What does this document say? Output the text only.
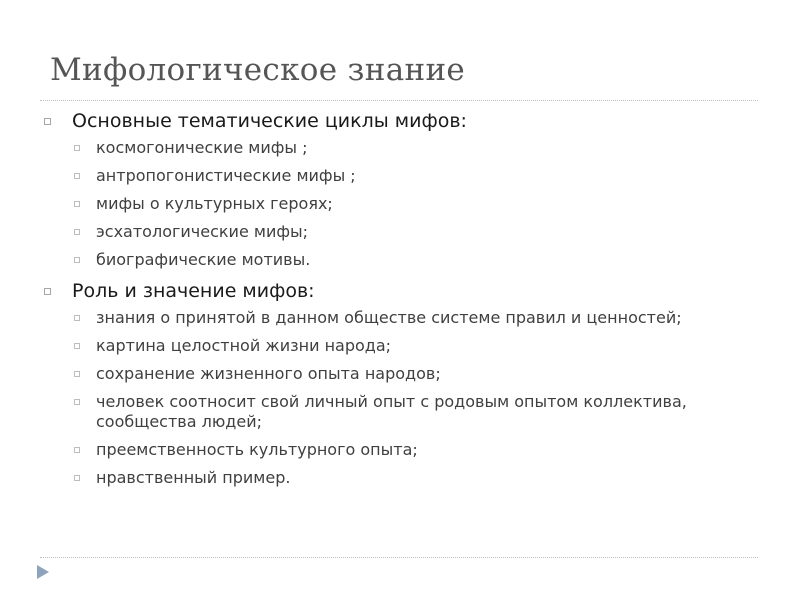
Мифологическое знание
Основные тематические циклы мифов:
космогонические мифы ;
антропогонистические мифы ;
мифы о культурных героях;
эсхатологические мифы;
биографические мотивы.
Роль и значение мифов:
знания о принятой в данном обществе системе правил и ценностей;
картина целостной жизни народа;
сохранение жизненного опыта народов;
человек соотносит свой личный опыт с родовым опытом коллектива, сообщества людей;
преемственность культурного опыта;
нравственный пример.
